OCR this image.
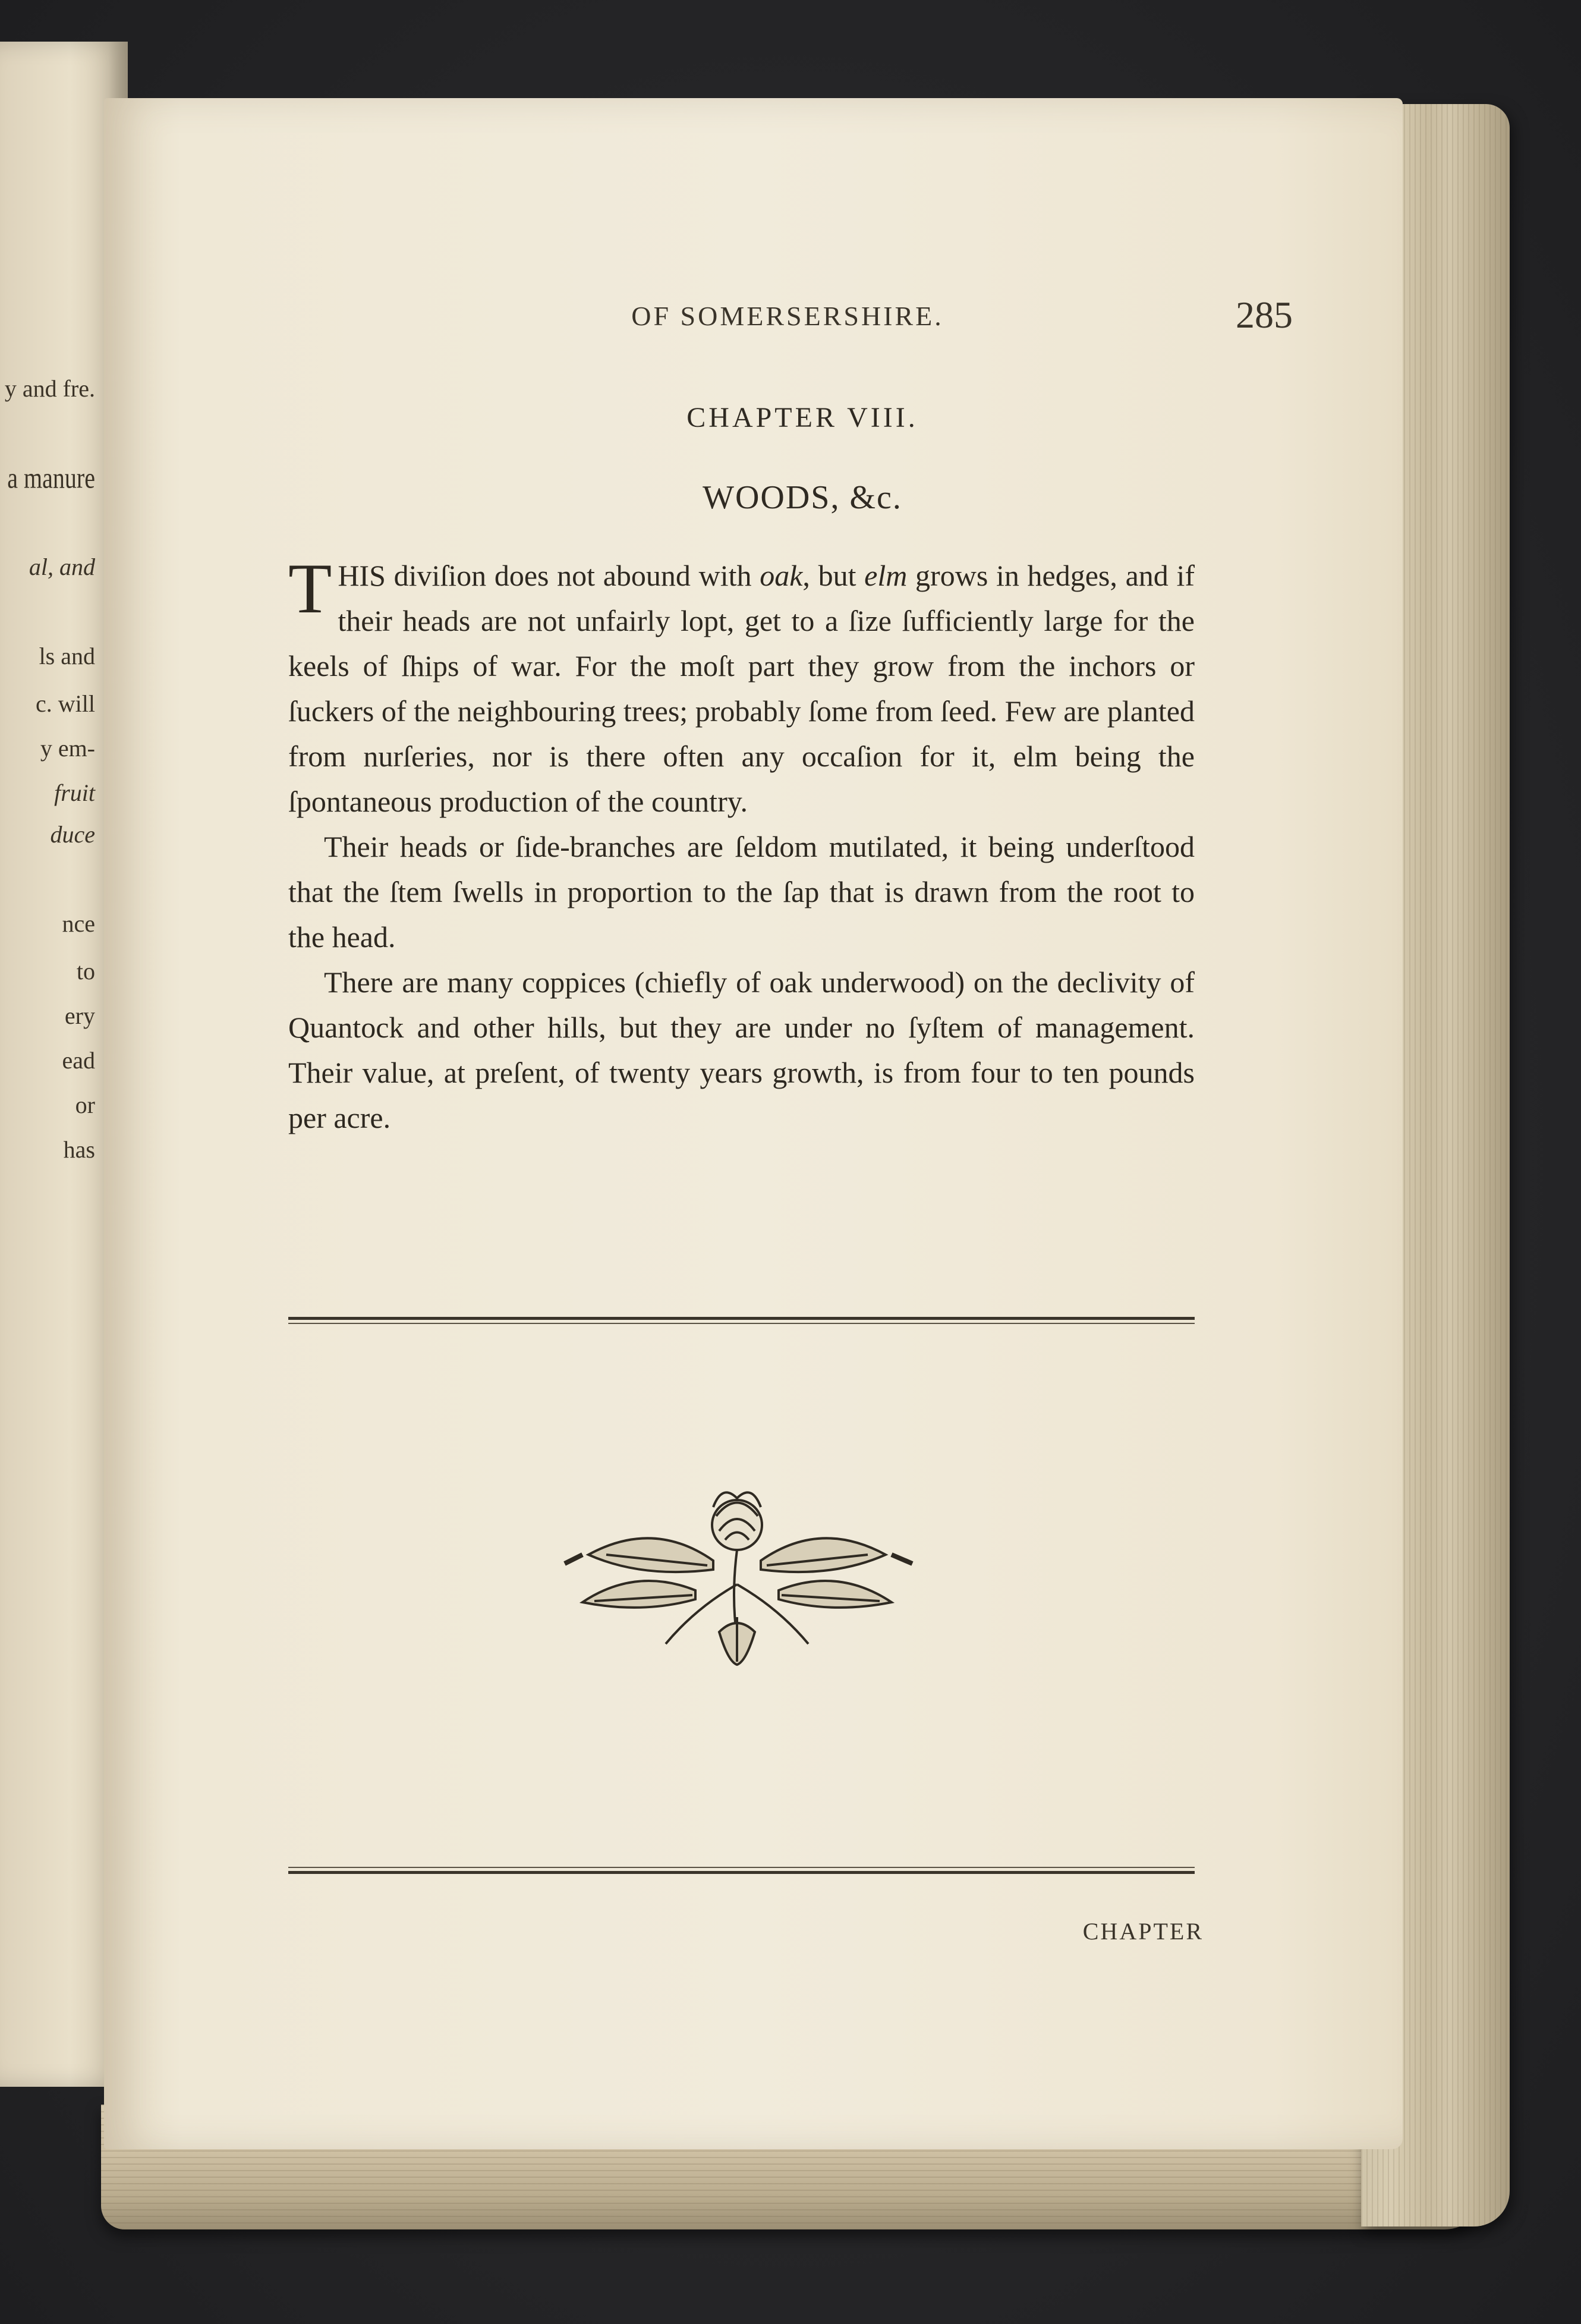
y and fre.
a manure
al, and
ls and
c. will
y em-
fruit
duce
nce
to
ery
ead
or
has
OF SOMERSERSHIRE.	285
CHAPTER VIII.
WOODS, &c.

THIS diviſion does not abound with oak, but elm grows in hedges, and if their heads are not unfairly lopt, get to a ſize ſufficiently large for the keels of ſhips of war. For the moſt part they grow from the inchors or ſuckers of the neighbouring trees; probably ſome from ſeed. Few are planted from nurſeries, nor is there often any occaſion for it, elm being the ſpontaneous production of the country.

Their heads or ſide-branches are ſeldom mutilated, it being underſtood that the ſtem ſwells in proportion to the ſap that is drawn from the root to the head.

There are many coppices (chiefly of oak underwood) on the declivity of Quantock and other hills, but they are under no ſyſtem of management. Their value, at preſent, of twenty years growth, is from four to ten pounds per acre.

CHAPTER
